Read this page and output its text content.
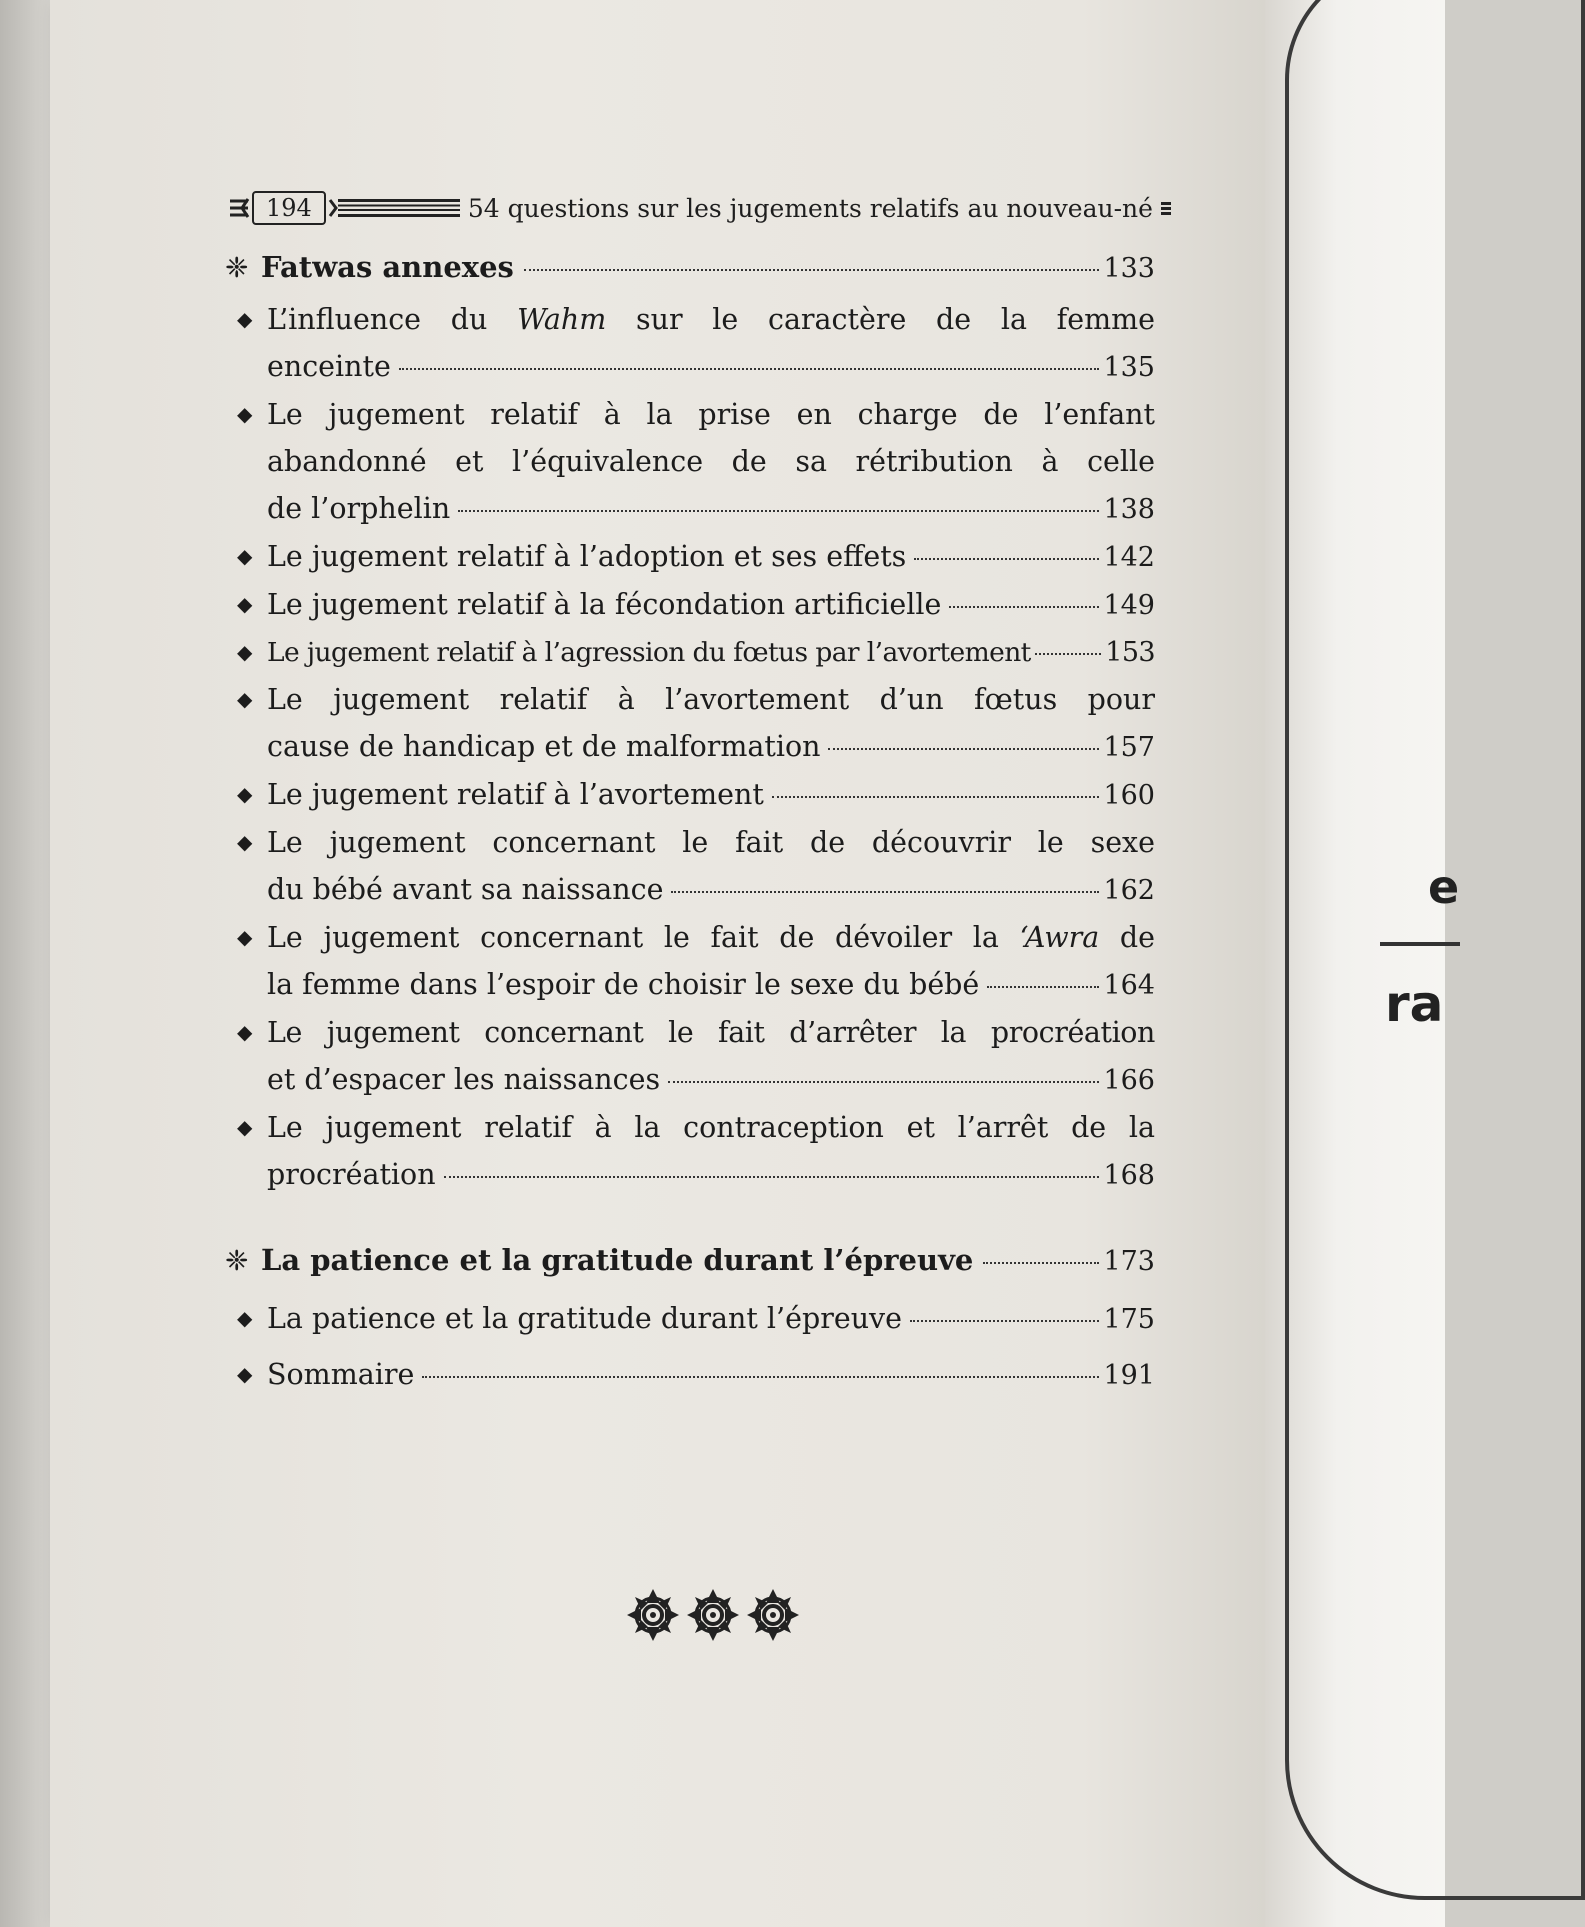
e
ra
194	54 questions sur les jugements relatifs au nouveau-né
❈ Fatwas annexes	133
◆ L’influence du Wahm sur le caractère de la femme
enceinte	135
◆ Le jugement relatif à la prise en charge de l’enfant
abandonné et l’équivalence de sa rétribution à celle
de l’orphelin	138
◆ Le jugement relatif à l’adoption et ses effets	142
◆ Le jugement relatif à la fécondation artificielle	149
◆ Le jugement relatif à l’agression du fœtus par l’avortement	153
◆ Le jugement relatif à l’avortement d’un fœtus pour
cause de handicap et de malformation	157
◆ Le jugement relatif à l’avortement	160
◆ Le jugement concernant le fait de découvrir le sexe
du bébé avant sa naissance	162
◆ Le jugement concernant le fait de dévoiler la ‘Awra de
la femme dans l’espoir de choisir le sexe du bébé	164
◆ Le jugement concernant le fait d’arrêter la procréation
et d’espacer les naissances	166
◆ Le jugement relatif à la contraception et l’arrêt de la
procréation	168
❈ La patience et la gratitude durant l’épreuve	173
◆ La patience et la gratitude durant l’épreuve	175
◆ Sommaire	191
